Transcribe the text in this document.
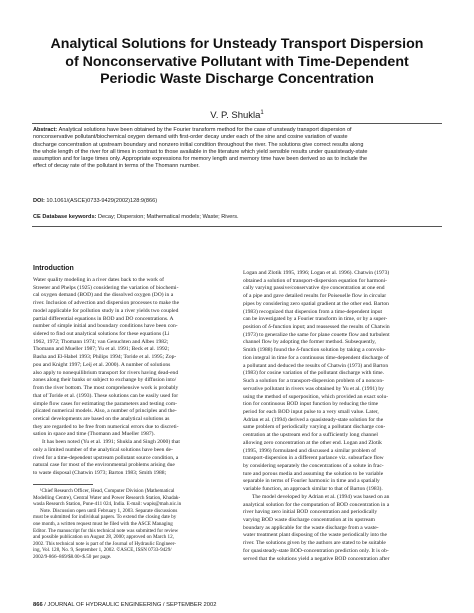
Analytical Solutions for Unsteady Transport Dispersion
of Nonconservative Pollutant with Time-Dependent
Periodic Waste Discharge Concentration
V. P. Shukla$^1$
Abstract: Analytical solutions have been obtained by the Fourier transform method for the case of unsteady transport dispersion of
nonconservative pollutant/biochemical oxygen demand with first-order decay under each of the sine and cosine variation of waste
discharge concentration at upstream boundary and nonzero initial condition throughout the river. The solutions give correct results along
the whole length of the river for all times in contrast to those available in the literature which yield sensible results under quasisteady-state
assumption and for large times only. Appropriate expressions for memory length and memory time have been derived so as to include the
effect of decay rate of the pollutant in terms of the Thomann number.
DOI: 10.1061/(ASCE)0733-9429(2002)128:9(866)
CE Database keywords: Decay; Dispersion; Mathematical models; Waste; Rivers.
Introduction
Water quality modeling in a river dates back to the work of
Streeter and Phelps (1925) considering the variation of biochemi-
cal oxygen demand (BOD) and the dissolved oxygen (DO) in a
river. Inclusion of advection and dispersion processes to make the
model applicable for pollution study in a river yields two coupled
partial differential equations in BOD and DO concentrations. A
number of simple initial and boundary conditions have been con-
sidered to find out analytical solutions for these equations (Li
1962, 1972; Thomann 1974; van Genuchten and Albes 1982;
Thomann and Mueller 1987; Yu et al. 1991; Beck et al. 1992;
Basha and El-Habel 1993; Philips 1994; Toride et al. 1995; Zop-
pou and Knight 1997; Leij et al. 2000). A number of solutions
also apply to nonequilibrium transport for rivers having dead-end
zones along their banks or subject to exchange by diffusion into/
from the river bottom. The most comprehensive work is probably
that of Toride et al. (1993). These solutions can be easily used for
simple flow cases for estimating the parameters and testing com-
plicated numerical models. Also, a number of principles and the-
oretical developments are based on the analytical solutions as
they are regarded to be free from numerical errors due to discreti-
sation in space and time (Thomann and Mueller 1987).
It has been noted (Yu et al. 1991; Shukla and Singh 2000) that
only a limited number of the analytical solutions have been de-
rived for a time-dependent upstream pollutant source condition, a
natural case for most of the environmental problems arising due
to waste disposal (Chatwin 1973; Barton 1983; Smith 1988;
Logan and Zlotik 1995, 1996; Logan et al. 1996). Chatwin (1973)
obtained a solution of transport-dispersion equation for harmoni-
cally varying passive/conservative dye concentration at one end
of a pipe and gave detailed results for Poiseuelle flow in circular
pipes by considering zero spatial gradient at the other end. Barton
(1983) recognized that dispersion from a time-dependent input
can be investigated by a Fourier transform in time, or by a super-
position of δ-function input; and reassessed the results of Chatwin
(1973) to generalize the same for plane couette flow and turbulent
channel flow by adopting the former method. Subsequently,
Smith (1988) found the δ-function solution by taking a convolu-
tion integral in time for a continuous time-dependent discharge of
a pollutant and deduced the results of Chatwin (1973) and Barton
(1983) for cosine variation of the pollutant discharge with time.
Such a solution for a transport-dispersion problem of a noncon-
servative pollutant in rivers was obtained by Yu et al. (1991) by
using the method of superposition, which provided an exact solu-
tion for continuous BOD input function by reducing the time
period for each BOD input pulse to a very small value. Later,
Adrian et al. (1994) derived a quasisteady-state solution for the
same problem of periodically varying a pollutant discharge con-
centration at the upstream end for a sufficiently long channel
allowing zero concentration at the other end. Logan and Zlotik
(1995, 1996) formulated and discussed a similar problem of
transport-dispersion in a different parlance viz. subsurface flow
by considering separately the concentrations of a solute in frac-
ture and porous media and assuming the solution to be variable
separable in terms of Fourier harmonic in time and a spatially
variable function, an approach similar to that of Barton (1983).
The model developed by Adrian et al. (1994) was based on an
analytical solution for the computation of BOD concentration in a
river having zero initial BOD concentration and periodically
varying BOD waste discharge concentration at its upstream
boundary as applicable for the waste discharge from a waste-
water treatment plant disposing of the waste periodically into the
river. The solutions given by the authors are stated to be suitable
for quasisteady-state BOD-concentration prediction only. It is ob-
served that the solutions yield a negative BOD concentration after
¹Chief Research Officer, Head, Computer Division (Mathematical
Modelling Centre), Central Water and Power Research Station, Khadak-
wasla Research Station, Pune-411 024, India. E-mail: wapis@mah.nic.in
Note. Discussion open until February 1, 2003. Separate discussions
must be submitted for individual papers. To extend the closing date by
one month, a written request must be filed with the ASCE Managing
Editor. The manuscript for this technical note was submitted for review
and possible publication on August 28, 2000; approved on March 12,
2002. This technical note is part of the Journal of Hydraulic Engineer-
ing, Vol. 128, No. 9, September 1, 2002. ©ASCE, ISSN 0733-9429/
2002/9-866–869/$8.00+$.50 per page.
866 / JOURNAL OF HYDRAULIC ENGINEERING / SEPTEMBER 2002
